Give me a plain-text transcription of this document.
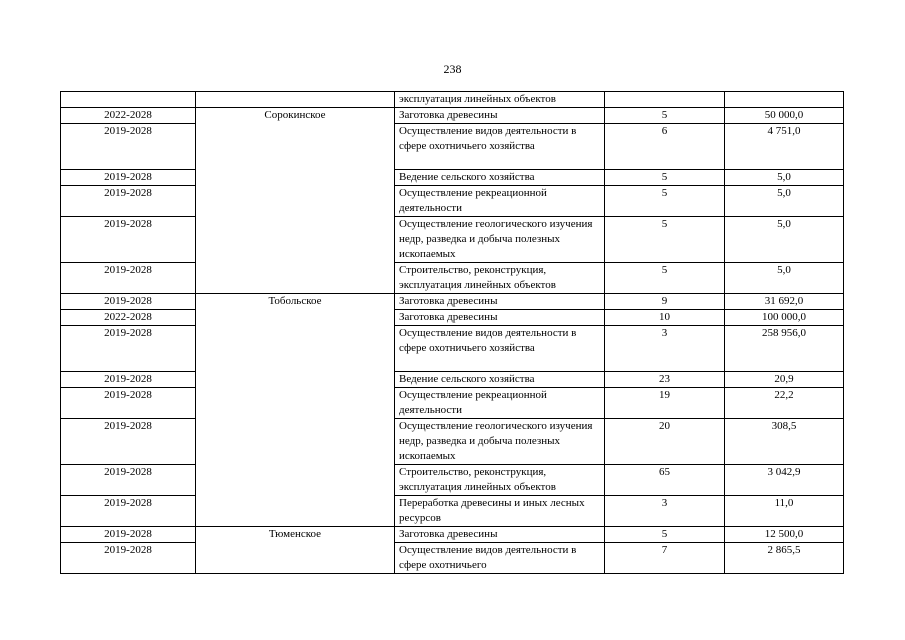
238
		эксплуатация линейных объектов		
2022-2028	Сорокинское	Заготовка древесины	5	50 000,0
2019-2028		Осуществление видов деятельности в сфере охотничьего хозяйства	6	4 751,0
2019-2028		Ведение сельского хозяйства	5	5,0
2019-2028		Осуществление рекреационной деятельности	5	5,0
2019-2028		Осуществление геологического изучения недр, разведка и добыча полезных ископаемых	5	5,0
2019-2028		Строительство, реконструкция, эксплуатация линейных объектов	5	5,0
2019-2028	Тобольское	Заготовка древесины	9	31 692,0
2022-2028		Заготовка древесины	10	100 000,0
2019-2028		Осуществление видов деятельности в сфере охотничьего хозяйства	3	258 956,0
2019-2028		Ведение сельского хозяйства	23	20,9
2019-2028		Осуществление рекреационной деятельности	19	22,2
2019-2028		Осуществление геологического изучения недр, разведка и добыча полезных ископаемых	20	308,5
2019-2028		Строительство, реконструкция, эксплуатация линейных объектов	65	3 042,9
2019-2028		Переработка древесины и иных лесных ресурсов	3	11,0
2019-2028	Тюменское	Заготовка древесины	5	12 500,0
2019-2028		Осуществление видов деятельности в сфере охотничьего	7	2 865,5
